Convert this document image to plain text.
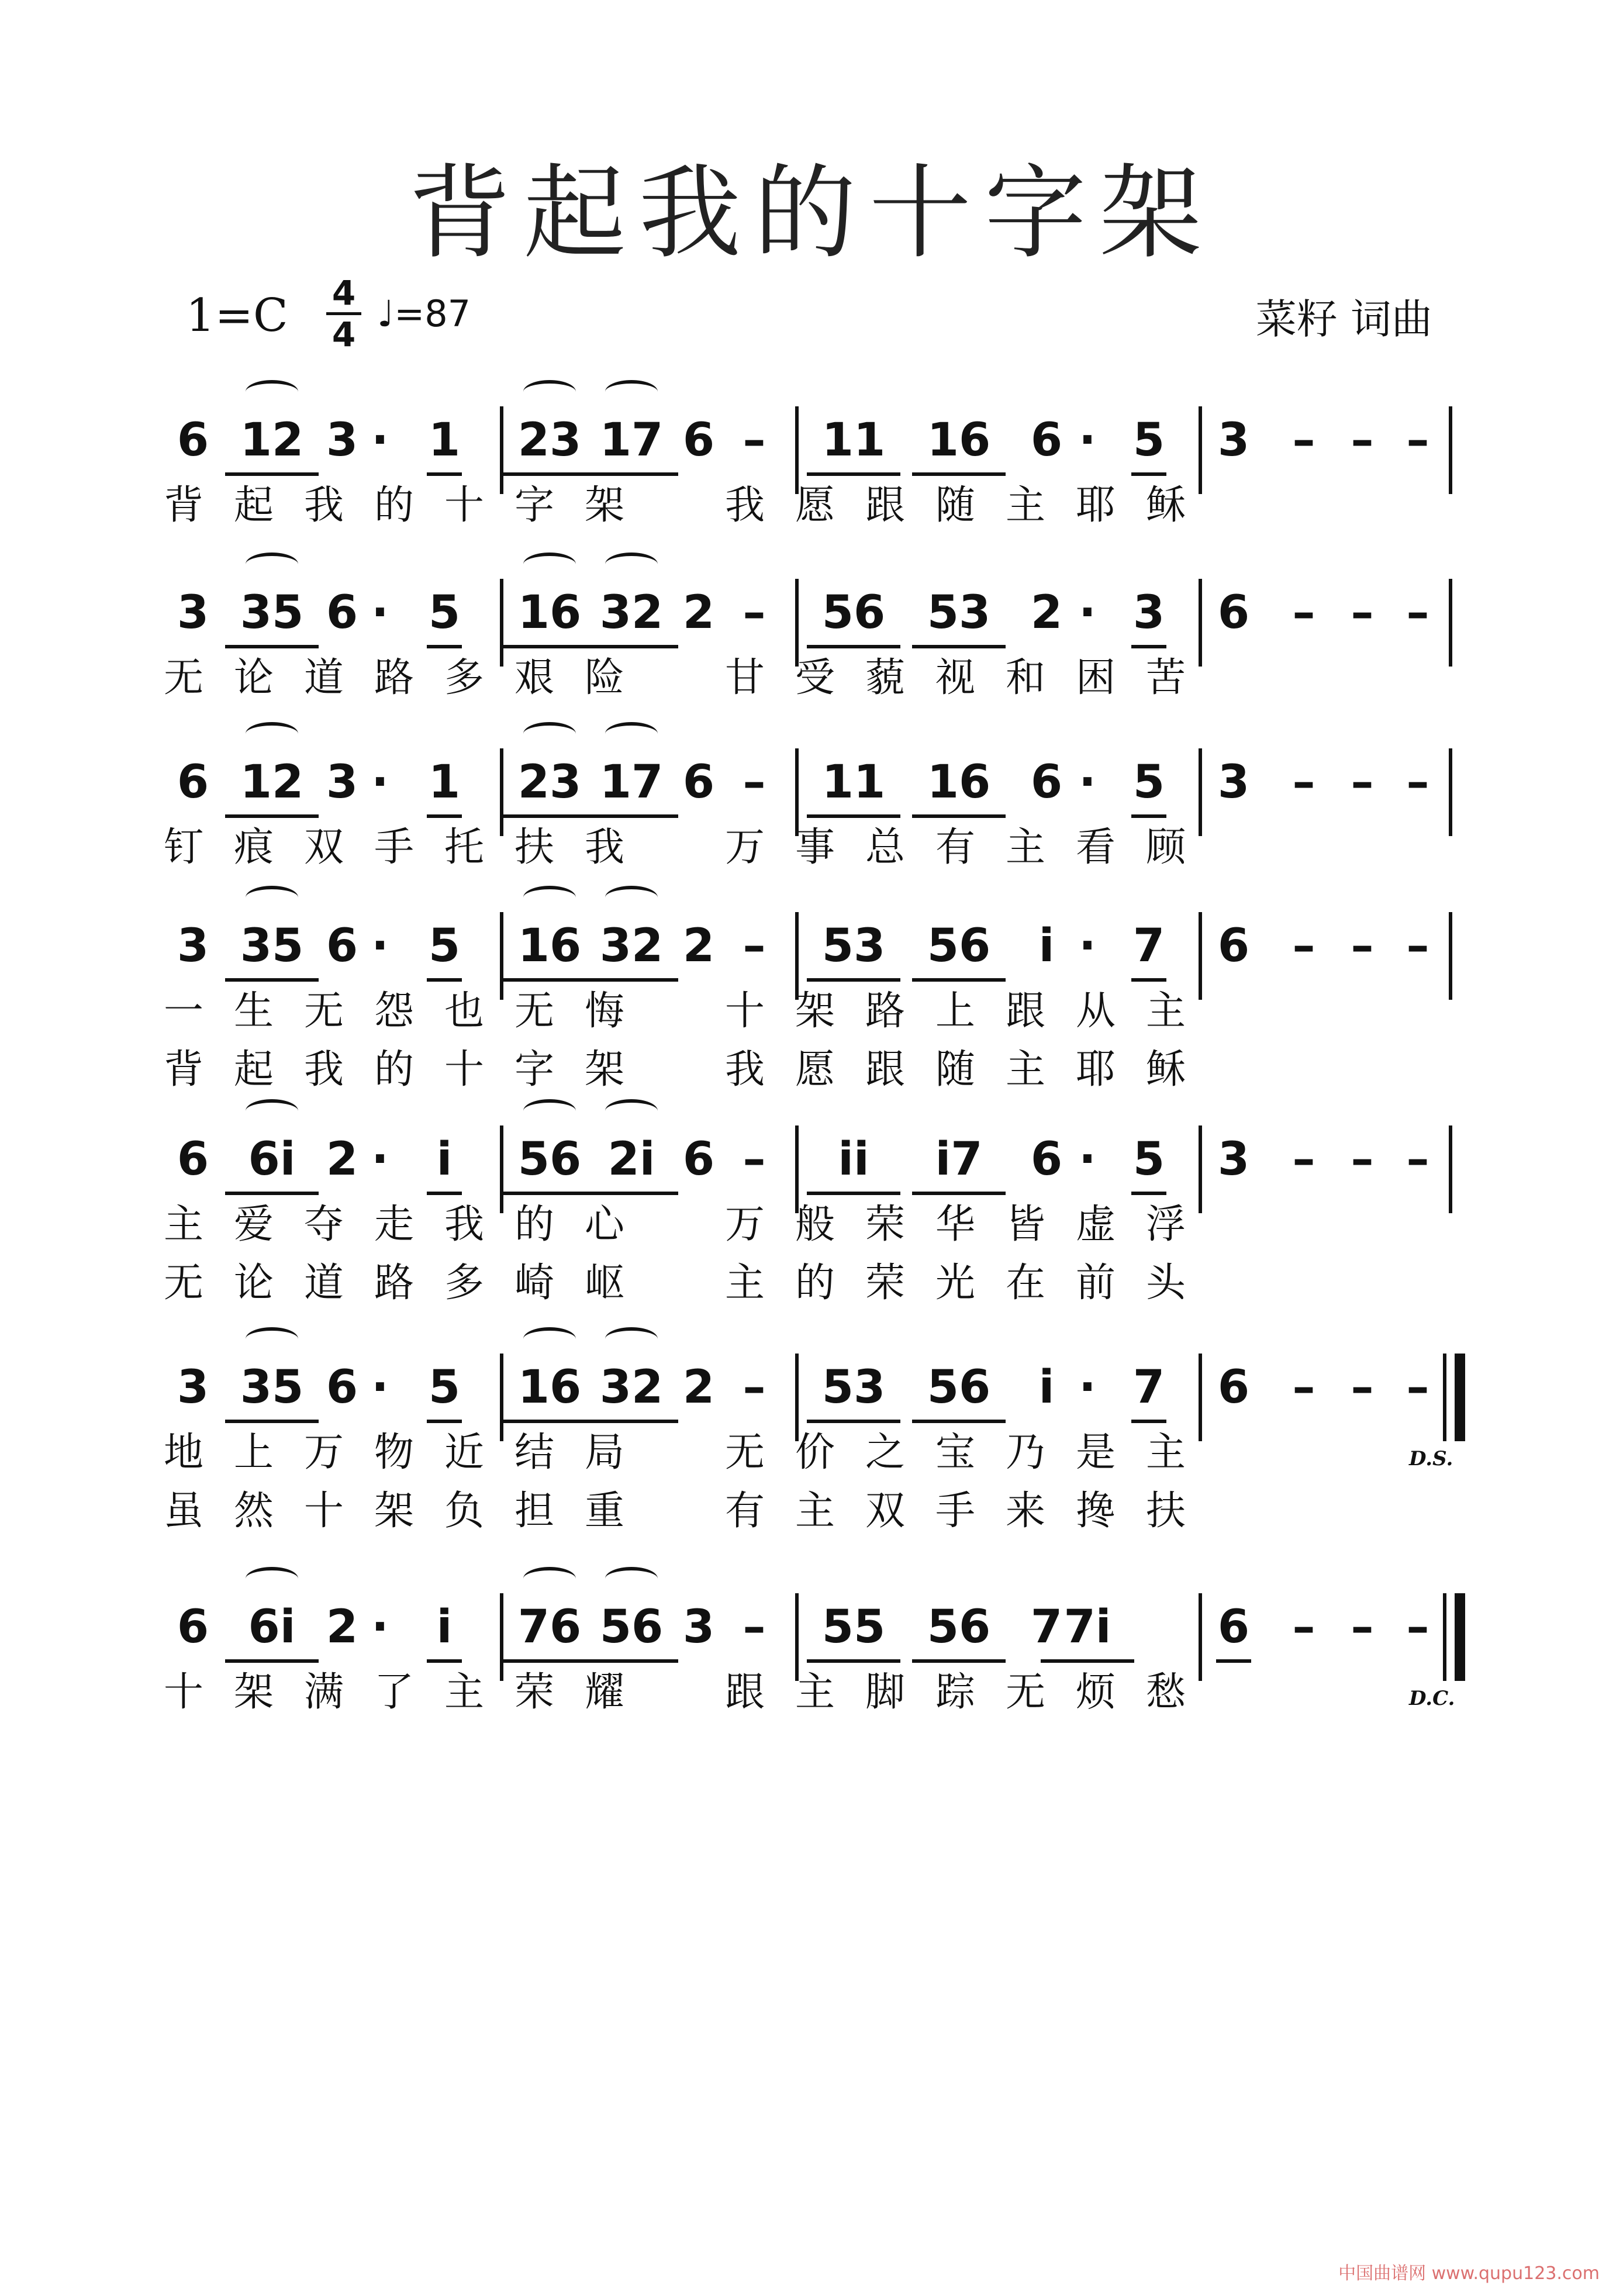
背起我的十字架
1=C 4
4 ♩=87	菜籽 词曲
6 12 3 · 1	23 17 6 –	11 16 6 · 5	3 – – –
背起我的十字架　我愿跟随主耶稣
3 35 6 · 5	16 32 2 –	56 53 2 · 3	6 – – –
无论道路多艰险　甘受藐视和困苦
6 12 3 · 1	23 17 6 –	11 16 6 · 5	3 – – –
钉痕双手托扶我　万事总有主看顾
3 35 6 · 5	16 32 2 –	53 56	i · 7	6 – – –
一生无怨也无悔　十架路上跟从主
背起我的十字架　我愿跟随主耶稣
6 6i 2 ·	i	56 2i 6 –	ii	i7	6 · 5	3 – – –
主爱夺走我的心　万般荣华皆虚浮
无论道路多崎岖　主的荣光在前头
3 35 6 · 5	16 32 2 –	53 56	i · 7	6 – – –
地上万物近结局　无价之宝乃是主
虽然十架负担重　有主双手来搀扶
D.S.
6 6i 2 ·	i	76 56 3 –	55 56 7 7i	6 – – –
十架满了主荣耀　跟主脚踪无烦愁	D.C.
中国曲谱网 www.qupu123.com
